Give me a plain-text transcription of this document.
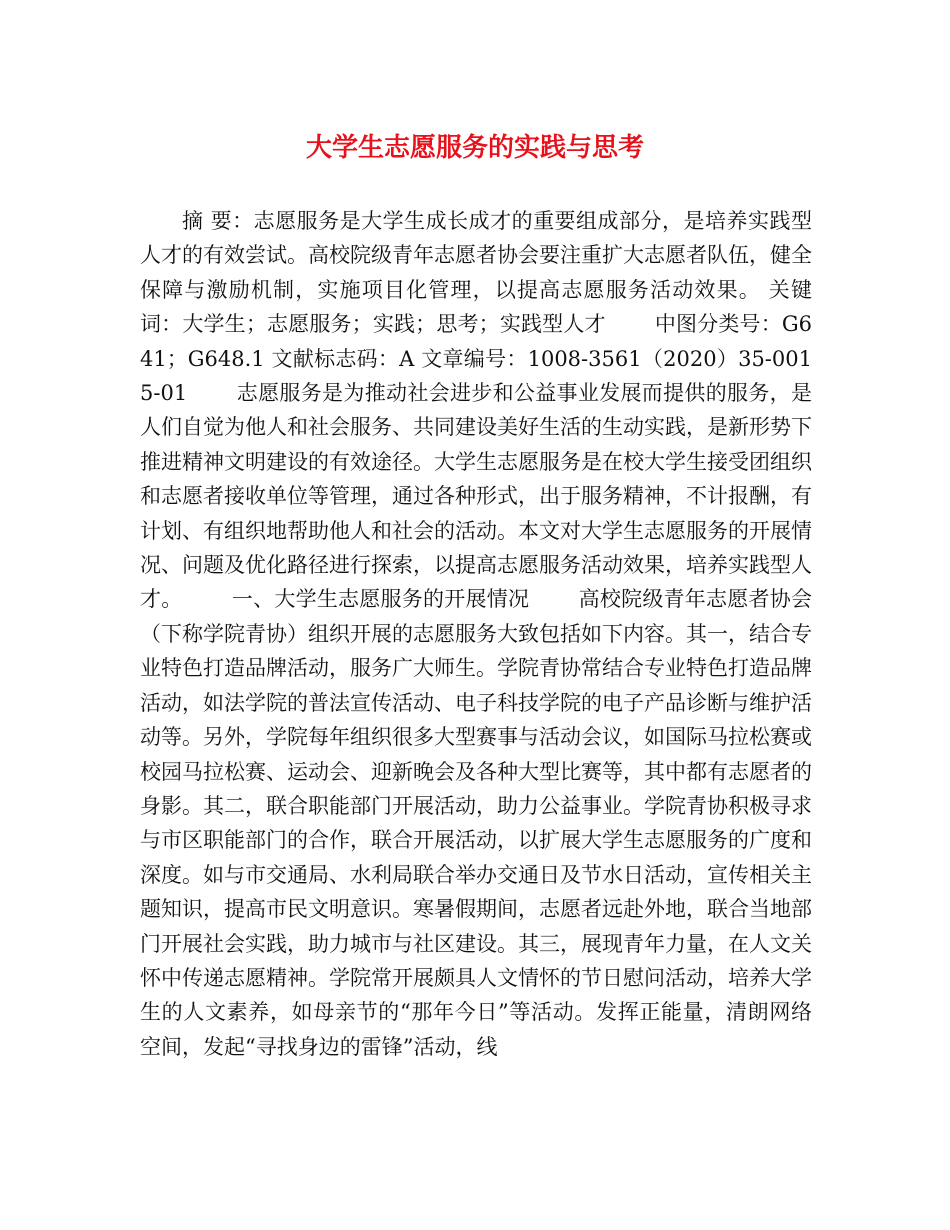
大学生志愿服务的实践与思考

摘 要：志愿服务是大学生成长成才的重要组成部分，是培养实践型人才的有效尝试。高校院级青年志愿者协会要注重扩大志愿者队伍，健全保障与激励机制，实施项目化管理，以提高志愿服务活动效果。 关键词：大学生；志愿服务；实践；思考；实践型人才 　　中图分类号：G641；G648.1 文献标志码：A 文章编号：1008-3561（2020）35-0015-01 　　志愿服务是为推动社会进步和公益事业发展而提供的服务，是人们自觉为他人和社会服务、共同建设美好生活的生动实践，是新形势下推进精神文明建设的有效途径。大学生志愿服务是在校大学生接受团组织和志愿者接收单位等管理，通过各种形式，出于服务精神，不计报酬，有计划、有组织地帮助他人和社会的活动。本文对大学生志愿服务的开展情况、问题及优化路径进行探索，以提高志愿服务活动效果，培养实践型人才。 　　一、大学生志愿服务的开展情况 　　高校院级青年志愿者协会（下称学院青协）组织开展的志愿服务大致包括如下内容。其一，结合专业特色打造品牌活动，服务广大师生。学院青协常结合专业特色打造品牌活动，如法学院的普法宣传活动、电子科技学院的电子产品诊断与维护活动等。另外，学院每年组织很多大型赛事与活动会议，如国际马拉松赛或校园马拉松赛、运动会、迎新晚会及各种大型比赛等，其中都有志愿者的身影。其二，联合职能部门开展活动，助力公益事业。学院青协积极寻求与市区职能部门的合作，联合开展活动，以扩展大学生志愿服务的广度和深度。如与市交通局、水利局联合举办交通日及节水日活动，宣传相关主题知识，提高市民文明意识。寒暑假期间，志愿者远赴外地，联合当地部门开展社会实践，助力城市与社区建设。其三，展现青年力量，在人文关怀中传递志愿精神。学院常开展颇具人文情怀的节日慰问活动，培养大学生的人文素养，如母亲节的“那年今日”等活动。发挥正能量，清朗网络空间，发起“寻找身边的雷锋”活动，线
